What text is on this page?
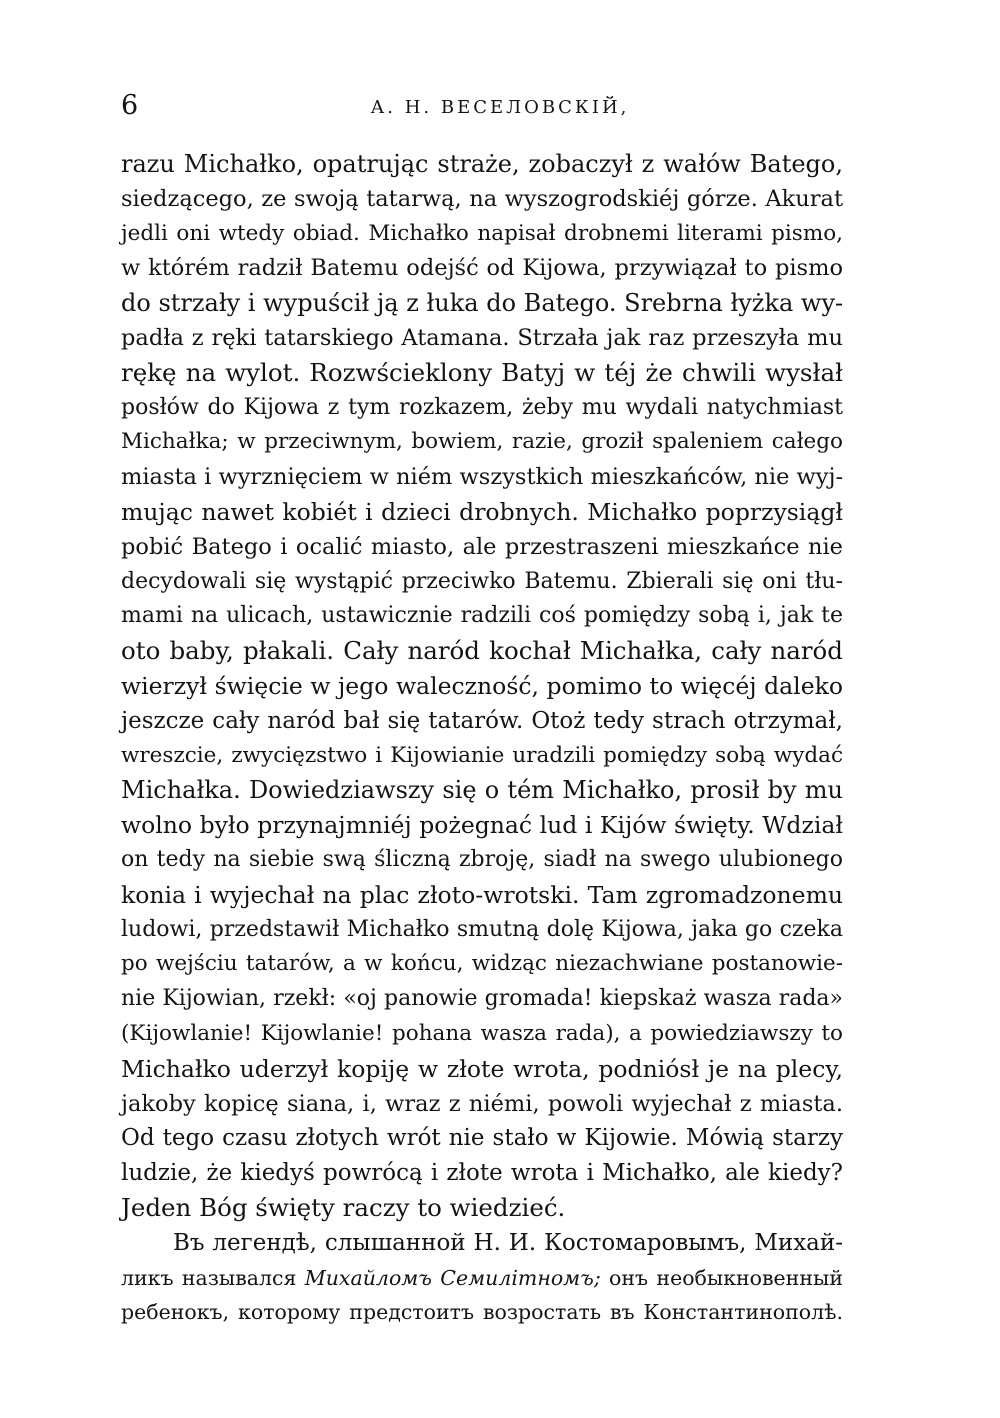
6	А. Н. ВЕСЕЛОВСКІЙ,
razu Michałko, opatrując straże, zobaczył z wałów Batego,
siedzącego, ze swoją tatarwą, na wyszogrodskiéj górze. Akurat
jedli oni wtedy obiad. Michałko napisał drobnemi literami pismo,
w którém radził Batemu odejść od Kijowa, przywiązał to pismo
do strzały i wypuścił ją z łuka do Batego. Srebrna łyżka wy-
padła z ręki tatarskiego Atamana. Strzała jak raz przeszyła mu
rękę na wylot. Rozwścieklony Batyj w téj że chwili wysłał
posłów do Kijowa z tym rozkazem, żeby mu wydali natychmiast
Michałka; w przeciwnym, bowiem, razie, groził spaleniem całego
miasta i wyrznięciem w niém wszystkich mieszkańców, nie wyj-
mując nawet kobiét i dzieci drobnych. Michałko poprzysiągł
pobić Batego i ocalić miasto, ale przestraszeni mieszkańce nie
decydowali się wystąpić przeciwko Batemu. Zbierali się oni tłu-
mami na ulicach, ustawicznie radzili coś pomiędzy sobą i, jak te
oto baby, płakali. Cały naród kochał Michałka, cały naród
wierzył święcie w jego waleczność, pomimo to więcéj daleko
jeszcze cały naród bał się tatarów. Otoż tedy strach otrzymał,
wreszcie, zwycięzstwo i Kijowianie uradzili pomiędzy sobą wydać
Michałka. Dowiedziawszy się o tém Michałko, prosił by mu
wolno było przynajmniéj pożegnać lud i Kijów święty. Wdział
on tedy na siebie swą śliczną zbroję, siadł na swego ulubionego
konia i wyjechał na plac złoto-wrotski. Tam zgromadzonemu
ludowi, przedstawił Michałko smutną dolę Kijowa, jaka go czeka
po wejściu tatarów, a w końcu, widząc niezachwiane postanowie-
nie Kijowian, rzekł: «oj panowie gromada! kiepskaż wasza rada»
(Kijowlanie! Kijowlanie! pohana wasza rada), a powiedziawszy to
Michałko uderzył kopiję w złote wrota, podniósł je na plecy,
jakoby kopicę siana, i, wraz z niémi, powoli wyjechał z miasta.
Od tego czasu złotych wrót nie stało w Kijowie. Mówią starzy
ludzie, że kiedyś powrócą i złote wrota i Michałko, ale kiedy?
Jeden Bóg święty raczy to wiedzieć.
Въ легендѣ, слышанной Н. И. Костомаровымъ, Михай-
ликъ назывался Михайломъ Семилітномъ; онъ необыкновенный
ребенокъ, которому предстоитъ возростать въ Константинополѣ.
